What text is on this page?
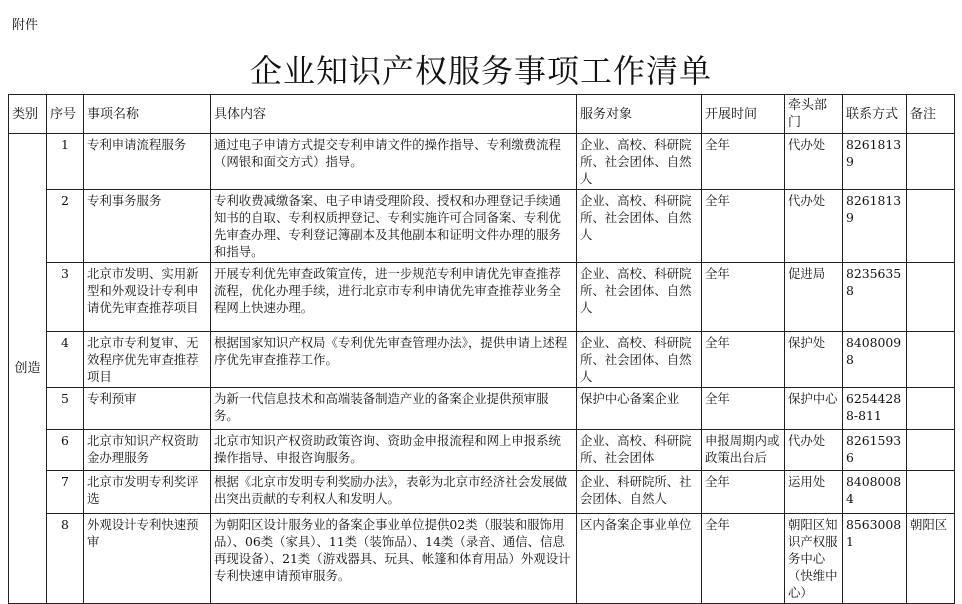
附件
企业知识产权服务事项工作清单
类别	序号	事项名称	具体内容	服务对象	开展时间	牵头部门	联系方式	备注
创造	1	专利申请流程服务	通过电子申请方式提交专利申请文件的操作指导、专利缴费流程（网银和面交方式）指导。	企业、高校、科研院所、社会团体、自然人	全年	代办处	82618139	
	2	专利事务服务	专利收费减缴备案、电子申请受理阶段、授权和办理登记手续通知书的自取、专利权质押登记、专利实施许可合同备案、专利优先审查办理、专利登记簿副本及其他副本和证明文件办理的服务和指导。	企业、高校、科研院所、社会团体、自然人	全年	代办处	82618139	
	3	北京市发明、实用新型和外观设计专利申请优先审查推荐项目	开展专利优先审查政策宣传，进一步规范专利申请优先审查推荐流程，优化办理手续，进行北京市专利申请优先审查推荐业务全程网上快速办理。	企业、高校、科研院所、社会团体、自然人	全年	促进局	82356358	
	4	北京市专利复审、无效程序优先审查推荐项目	根据国家知识产权局《专利优先审查管理办法》，提供申请上述程序优先审查推荐工作。	企业、高校、科研院所、社会团体、自然人	全年	保护处	84080098	
	5	专利预审	为新一代信息技术和高端装备制造产业的备案企业提供预审服务。	保护中心备案企业	全年	保护中心	62544288-811	
	6	北京市知识产权资助金办理服务	北京市知识产权资助政策咨询、资助金申报流程和网上申报系统操作指导、申报咨询服务。	企业、高校、科研院所、社会团体	申报周期内或政策出台后	代办处	82615936	
	7	北京市发明专利奖评选	根据《北京市发明专利奖励办法》，表彰为北京市经济社会发展做出突出贡献的专利权人和发明人。	企业、科研院所、社会团体、自然人	全年	运用处	84080084	
	8	外观设计专利快速预审	为朝阳区设计服务业的备案企事业单位提供02类（服装和服饰用品）、06类（家具）、11类（装饰品）、14类（录音、通信、信息再现设备）、21类（游戏器具、玩具、帐篷和体育用品）外观设计专利快速申请预审服务。	区内备案企事业单位	全年	朝阳区知识产权服务中心（快维中心）	85630081	朝阳区
